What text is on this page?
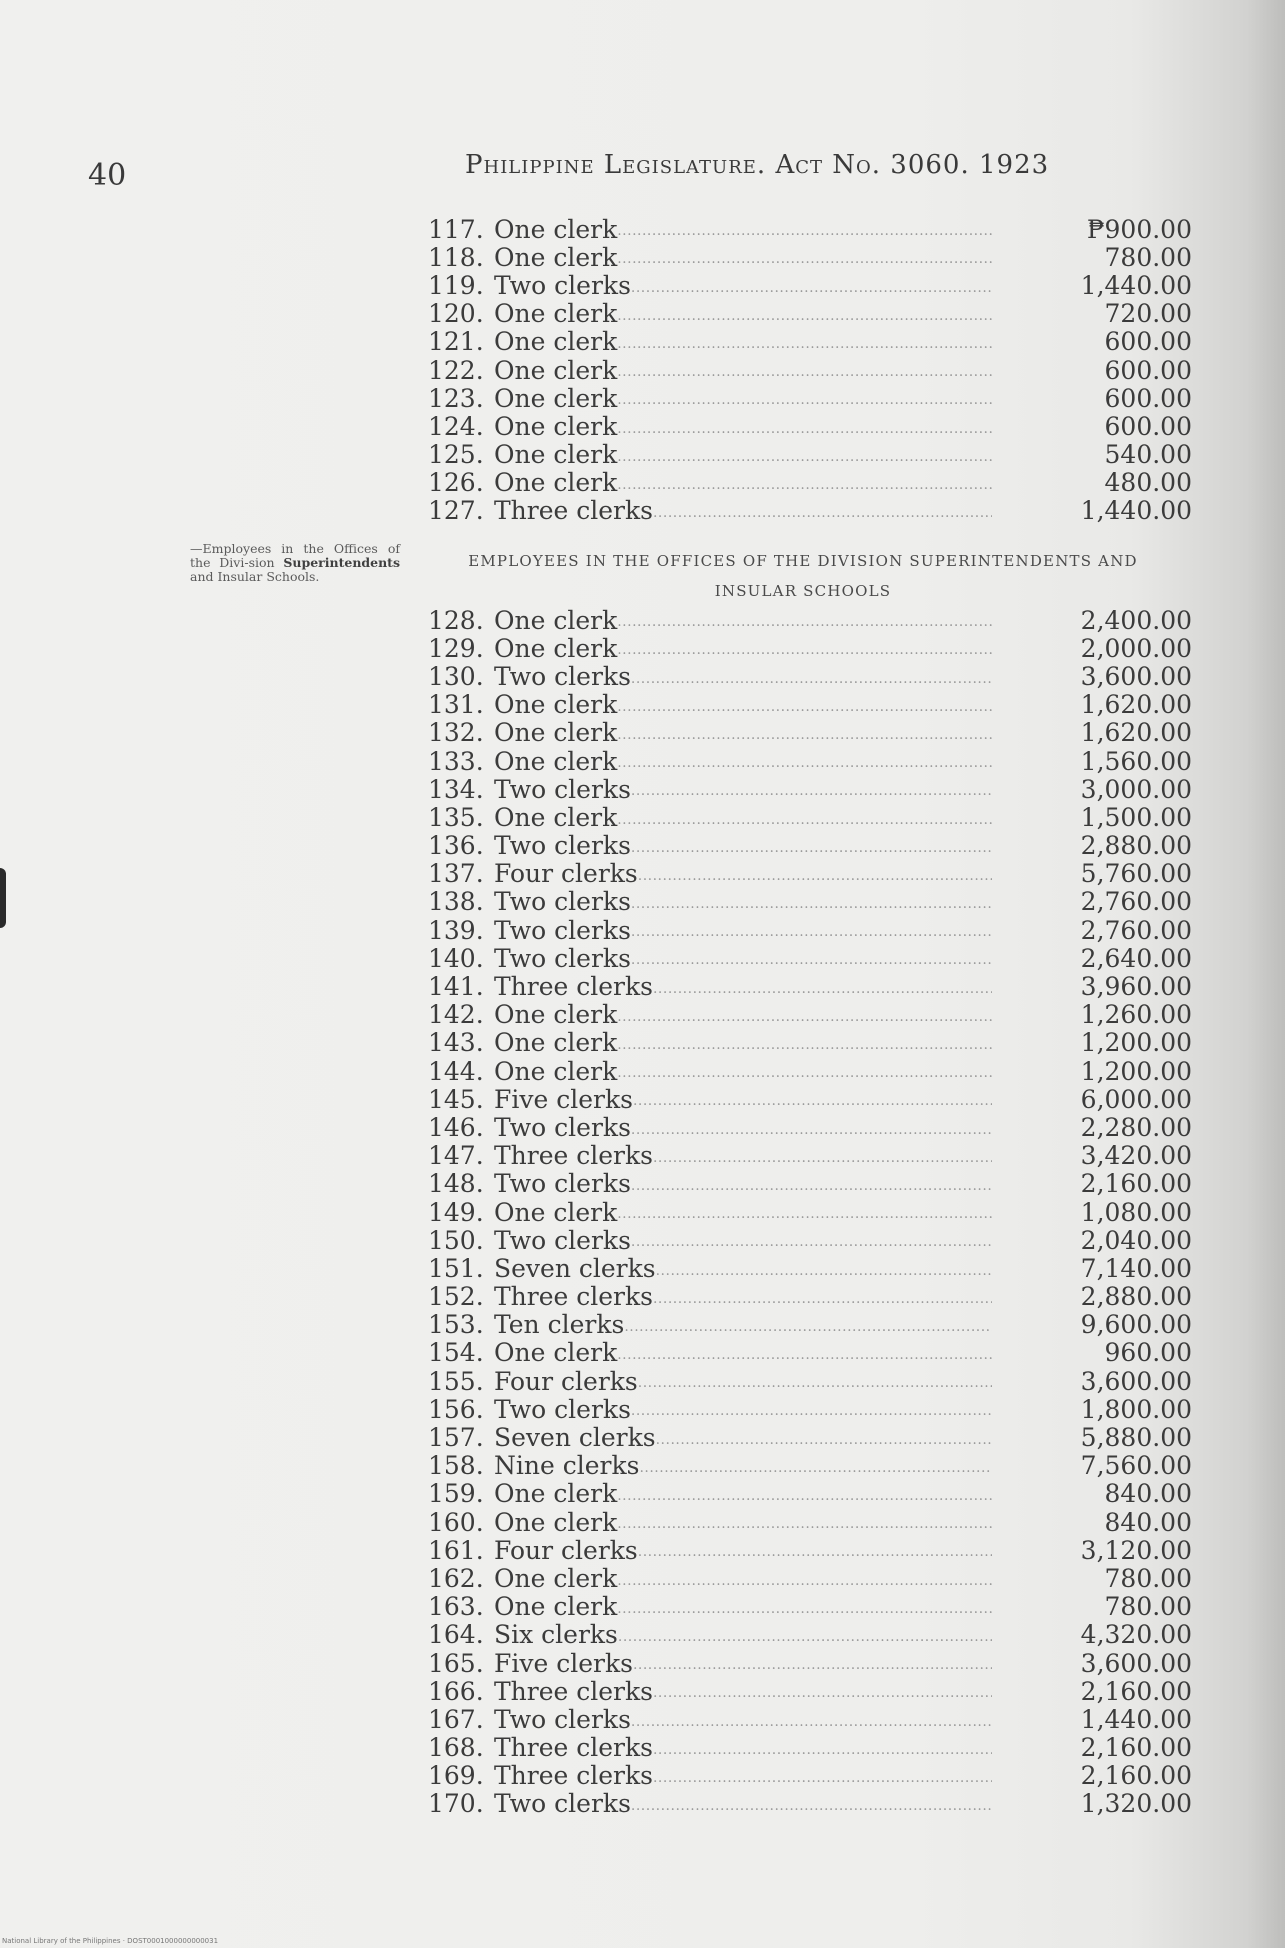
40	Philippine Legislature. Act No. 3060. 1923
117. One clerk .....	₱900.00
118. One clerk .....	780.00
119. Two clerks .....	1,440.00
120. One clerk .....	720.00
121. One clerk .....	600.00
122. One clerk .....	600.00
123. One clerk .....	600.00
124. One clerk .....	600.00
125. One clerk .....	540.00
126. One clerk .....	480.00
127. Three clerks .....	1,440.00
—Employees in the Offices of the Divi-sion Superintendents and Insular Schools.
EMPLOYEES IN THE OFFICES OF THE DIVISION SUPERINTENDENTS AND
INSULAR SCHOOLS
128. One clerk .....	2,400.00
129. One clerk .....	2,000.00
130. Two clerks .....	3,600.00
131. One clerk .....	1,620.00
132. One clerk .....	1,620.00
133. One clerk .....	1,560.00
134. Two clerks .....	3,000.00
135. One clerk .....	1,500.00
136. Two clerks .....	2,880.00
137. Four clerks .....	5,760.00
138. Two clerks .....	2,760.00
139. Two clerks .....	2,760.00
140. Two clerks .....	2,640.00
141. Three clerks .....	3,960.00
142. One clerk .....	1,260.00
143. One clerk .....	1,200.00
144. One clerk .....	1,200.00
145. Five clerks .....	6,000.00
146. Two clerks .....	2,280.00
147. Three clerks .....	3,420.00
148. Two clerks .....	2,160.00
149. One clerk .....	1,080.00
150. Two clerks .....	2,040.00
151. Seven clerks .....	7,140.00
152. Three clerks .....	2,880.00
153. Ten clerks .....	9,600.00
154. One clerk .....	960.00
155. Four clerks .....	3,600.00
156. Two clerks .....	1,800.00
157. Seven clerks .....	5,880.00
158. Nine clerks .....	7,560.00
159. One clerk .....	840.00
160. One clerk .....	840.00
161. Four clerks .....	3,120.00
162. One clerk .....	780.00
163. One clerk .....	780.00
164. Six clerks .....	4,320.00
165. Five clerks .....	3,600.00
166. Three clerks .....	2,160.00
167. Two clerks .....	1,440.00
168. Three clerks .....	2,160.00
169. Three clerks .....	2,160.00
170. Two clerks .....	1,320.00
National Library of the Philippines · DOST0001000000000031
